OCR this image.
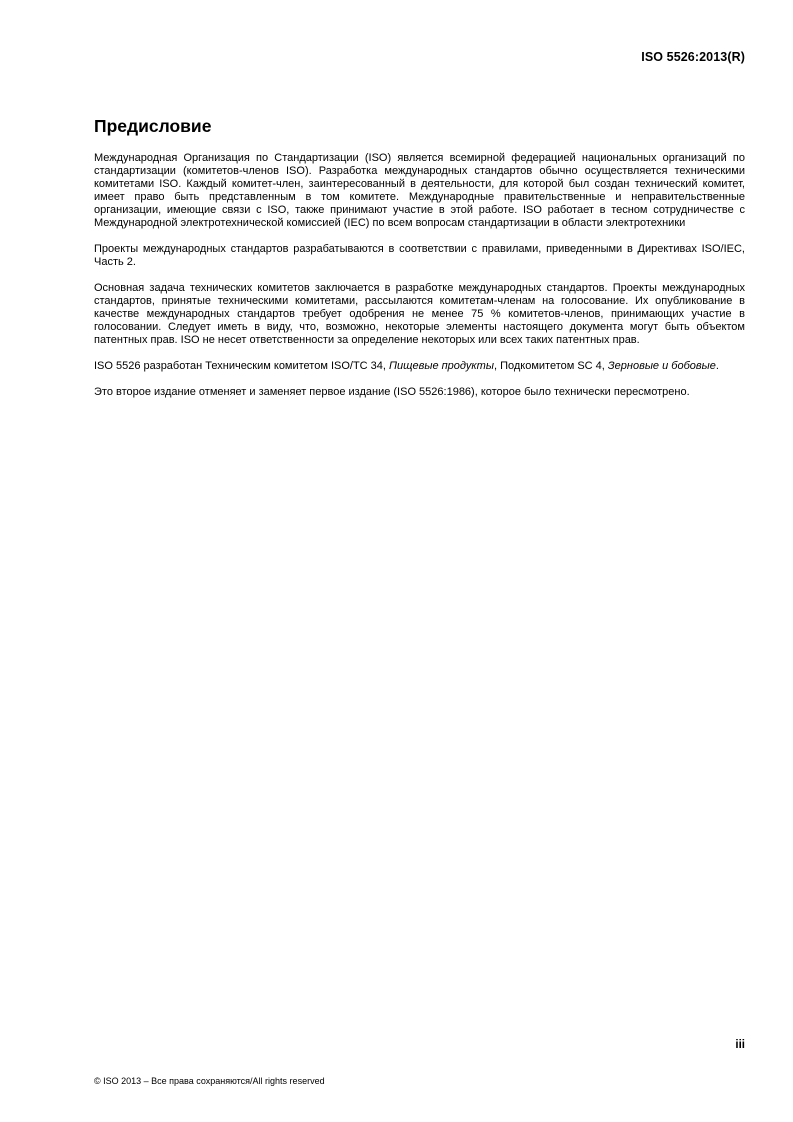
ISO 5526:2013(R)
Предисловие

Международная Организация по Стандартизации (ISO) является всемирной федерацией национальных организаций по стандартизации (комитетов-членов ISO). Разработка международных стандартов обычно осуществляется техническими комитетами ISO. Каждый комитет-член, заинтересованный в деятельности, для которой был создан технический комитет, имеет право быть представленным в том комитете. Международные правительственные и неправительственные организации, имеющие связи с ISO, также принимают участие в этой работе. ISO работает в тесном сотрудничестве с Международной электротехнической комиссией (IEC) по всем вопросам стандартизации в области электротехники

Проекты международных стандартов разрабатываются в соответствии с правилами, приведенными в Директивах ISO/IEC, Часть 2.

Основная задача технических комитетов заключается в разработке международных стандартов. Проекты международных стандартов, принятые техническими комитетами, рассылаются комитетам-членам на голосование. Их опубликование в качестве международных стандартов требует одобрения не менее 75 % комитетов-членов, принимающих участие в голосовании. Следует иметь в виду, что, возможно, некоторые элементы настоящего документа могут быть объектом патентных прав. ISO не несет ответственности за определение некоторых или всех таких патентных прав.

ISO 5526 разработан Техническим комитетом ISO/TC 34, Пищевые продукты, Подкомитетом SC 4, Зерновые и бобовые.

Это второе издание отменяет и заменяет первое издание (ISO 5526:1986), которое было технически пересмотрено.

iii
© ISO 2013 – Все права сохраняются/All rights reserved
